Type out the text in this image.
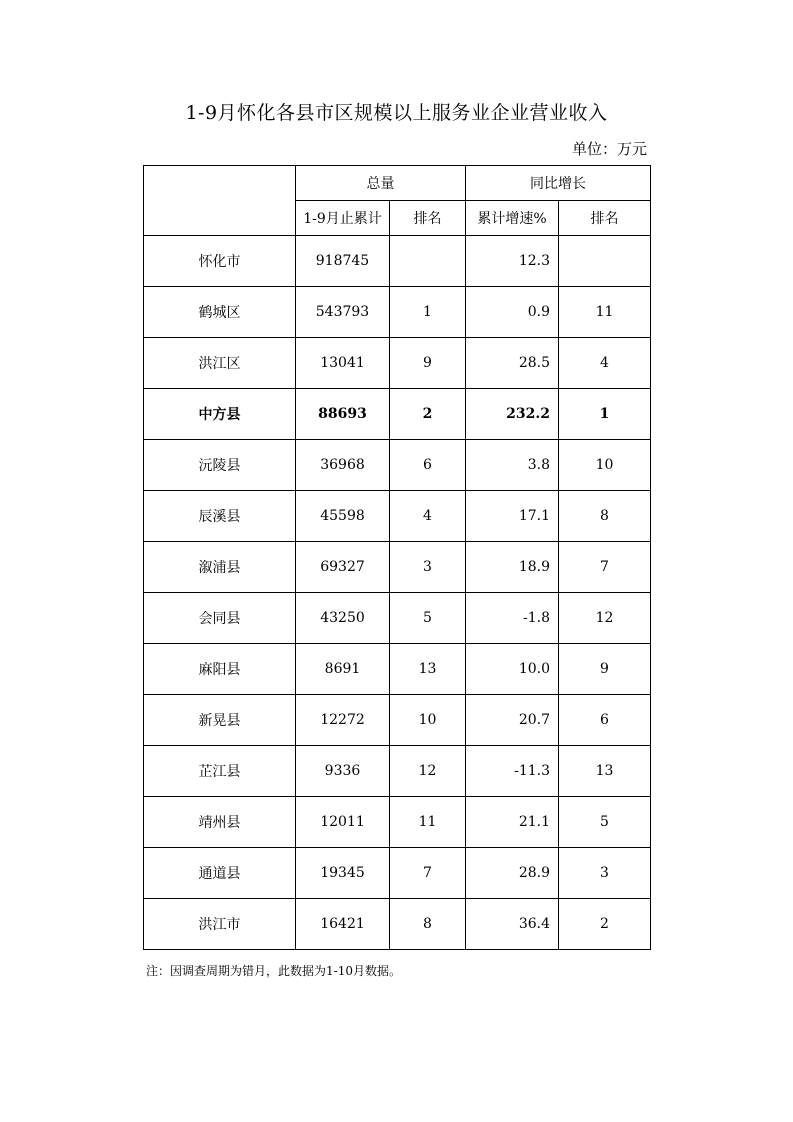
1-9月怀化各县市区规模以上服务业企业营业收入
单位：万元
	总量		同比增长	
	1-9月止累计	排名	累计增速%	排名
怀化市	918745		12.3	
鹤城区	543793	1	0.9	11
洪江区	13041	9	28.5	4
中方县	88693	2	232.2	1
沅陵县	36968	6	3.8	10
辰溪县	45598	4	17.1	8
溆浦县	69327	3	18.9	7
会同县	43250	5	-1.8	12
麻阳县	8691	13	10.0	9
新晃县	12272	10	20.7	6
芷江县	9336	12	-11.3	13
靖州县	12011	11	21.1	5
通道县	19345	7	28.9	3
洪江市	16421	8	36.4	2
注：因调查周期为错月，此数据为1-10月数据。
